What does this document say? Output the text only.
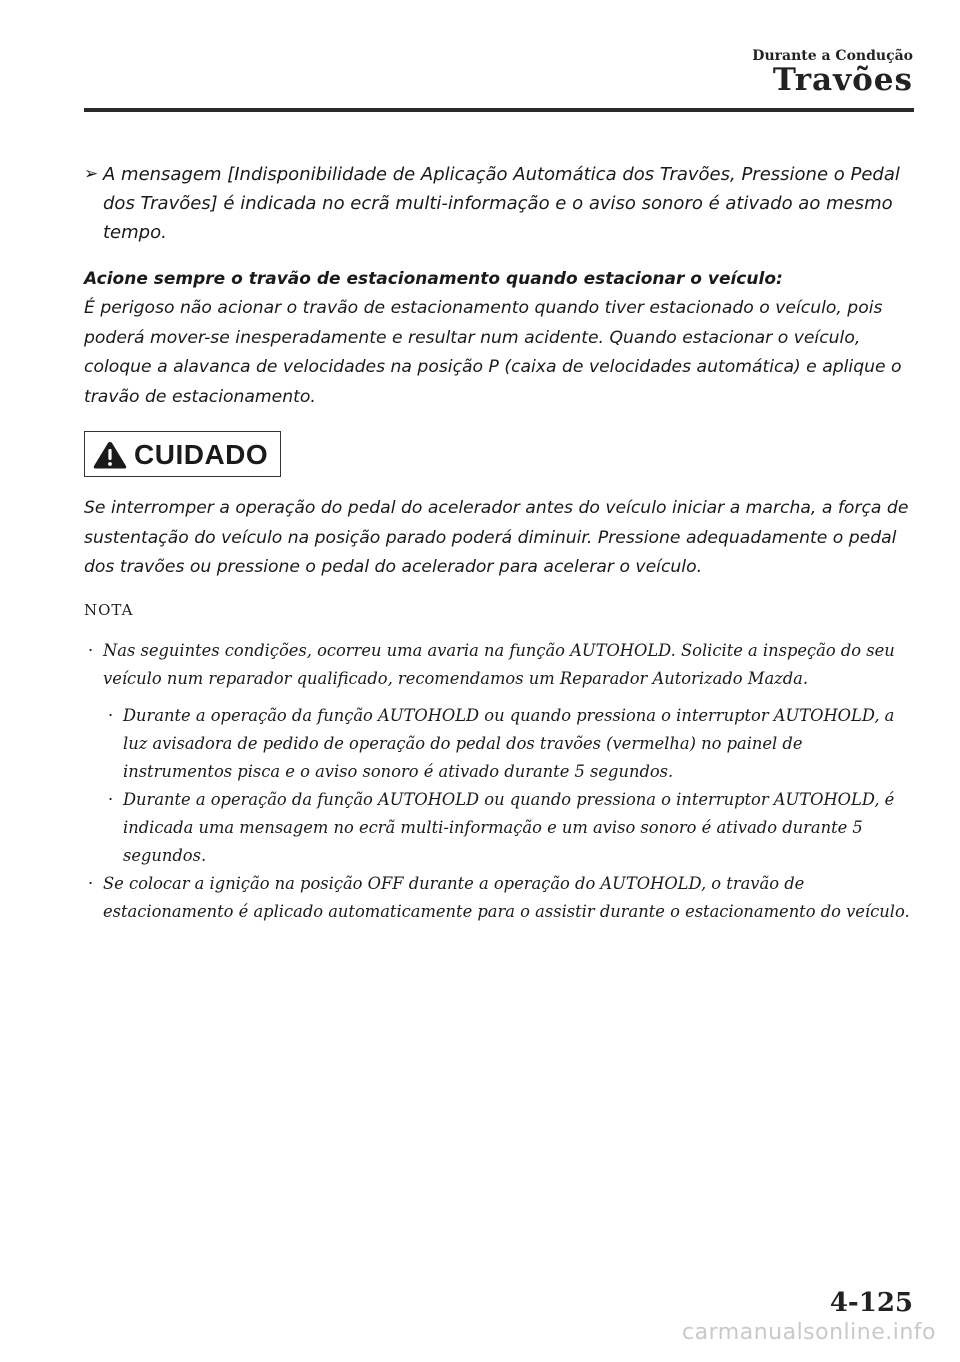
Durante a Condução
Travões
➢ A mensagem [Indisponibilidade de Aplicação Automática dos Travões, Pressione o Pedal dos Travões] é indicada no ecrã multi-informação e o aviso sonoro é ativado ao mesmo tempo.
Acione sempre o travão de estacionamento quando estacionar o veículo:
É perigoso não acionar o travão de estacionamento quando tiver estacionado o veículo, pois poderá mover-se inesperadamente e resultar num acidente. Quando estacionar o veículo, coloque a alavanca de velocidades na posição P (caixa de velocidades automática) e aplique o travão de estacionamento.
CUIDADO
Se interromper a operação do pedal do acelerador antes do veículo iniciar a marcha, a força de sustentação do veículo na posição parado poderá diminuir. Pressione adequadamente o pedal dos travões ou pressione o pedal do acelerador para acelerar o veículo.
NOTA
· Nas seguintes condições, ocorreu uma avaria na função AUTOHOLD. Solicite a inspeção do seu veículo num reparador qualificado, recomendamos um Reparador Autorizado Mazda.
· Durante a operação da função AUTOHOLD ou quando pressiona o interruptor AUTOHOLD, a luz avisadora de pedido de operação do pedal dos travões (vermelha) no painel de instrumentos pisca e o aviso sonoro é ativado durante 5 segundos.
· Durante a operação da função AUTOHOLD ou quando pressiona o interruptor AUTOHOLD, é indicada uma mensagem no ecrã multi-informação e um aviso sonoro é ativado durante 5 segundos.
· Se colocar a ignição na posição OFF durante a operação do AUTOHOLD, o travão de estacionamento é aplicado automaticamente para o assistir durante o estacionamento do veículo.
4-125
carmanualsonline.info
